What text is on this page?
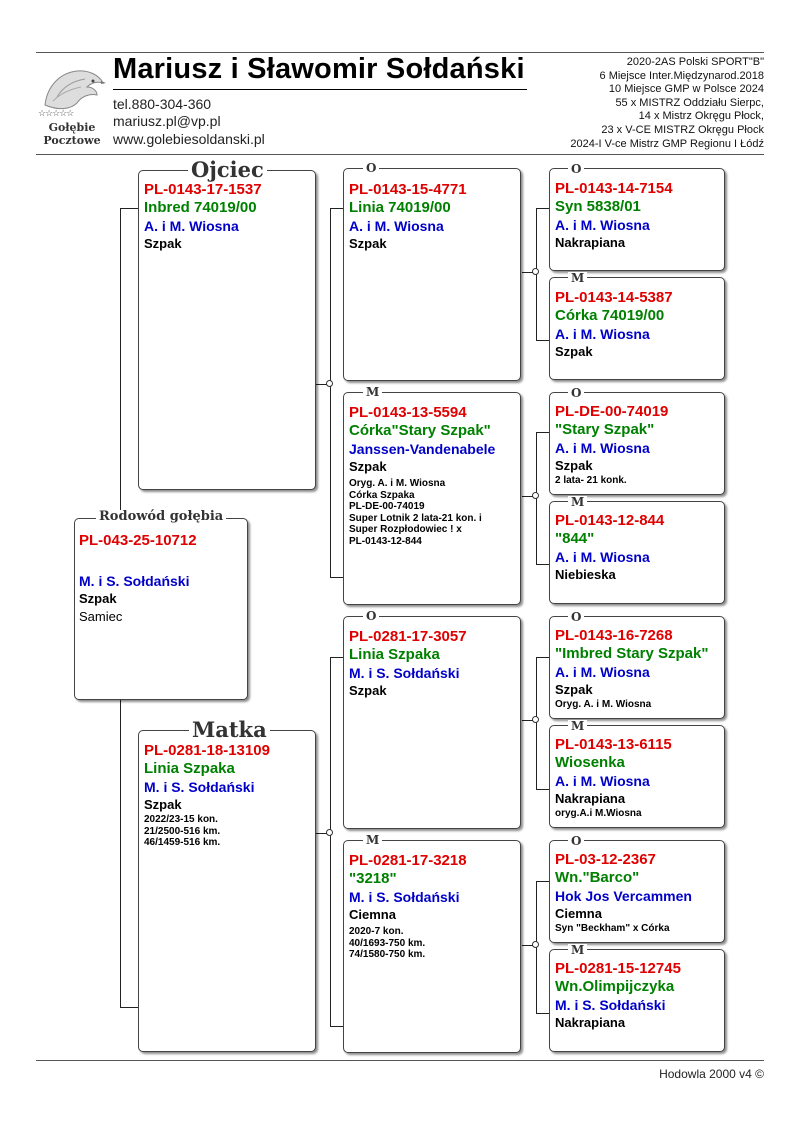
☆☆☆☆☆
Gołębie
Pocztowe
Mariusz i Sławomir Sołdański
tel.880-304-360
mariusz.pl@vp.pl
www.golebiesoldanski.pl
2020-2AS Polski SPORT"B"
6 Miejsce Inter.Międzynarod.2018
10 Miejsce GMP w Polsce 2024
55 x MISTRZ Oddziału Sierpc,
14 x Mistrz Okręgu Płock,
23 x V-CE MISTRZ Okręgu Płock
2024-I V-ce Mistrz GMP Regionu I Łódź
Rodowód gołębia
PL-043-25-10712
M. i S. Sołdański
Szpak
Samiec
Ojciec
PL-0143-17-1537
Inbred 74019/00
A. i M. Wiosna
Szpak
Matka
PL-0281-18-13109
Linia Szpaka
M. i S. Sołdański
Szpak
2022/23-15 kon.
21/2500-516 km.
46/1459-516 km.
O
PL-0143-15-4771
Linia 74019/00
A. i M. Wiosna
Szpak
M
PL-0143-13-5594
Córka"Stary Szpak"
Janssen-Vandenabele
Szpak
Oryg. A. i M. Wiosna
Córka Szpaka
PL-DE-00-74019
Super Lotnik 2 lata-21 kon. i
Super Rozpłodowiec ! x
PL-0143-12-844
O
PL-0281-17-3057
Linia Szpaka
M. i S. Sołdański
Szpak
M
PL-0281-17-3218
"3218"
M. i S. Sołdański
Ciemna
2020-7 kon.
40/1693-750 km.
74/1580-750 km.
O
PL-0143-14-7154
Syn 5838/01
A. i M. Wiosna
Nakrapiana
M
PL-0143-14-5387
Córka 74019/00
A. i M. Wiosna
Szpak
O
PL-DE-00-74019
"Stary Szpak"
A. i M. Wiosna
Szpak
2 lata- 21 konk.
M
PL-0143-12-844
"844"
A. i M. Wiosna
Niebieska
O
PL-0143-16-7268
"Imbred Stary Szpak"
A. i M. Wiosna
Szpak
Oryg. A. i M. Wiosna
M
PL-0143-13-6115
Wiosenka
A. i M. Wiosna
Nakrapiana
oryg.A.i M.Wiosna
O
PL-03-12-2367
Wn."Barco"
Hok Jos Vercammen
Ciemna
Syn "Beckham" x Córka
M
PL-0281-15-12745
Wn.Olimpijczyka
M. i S. Sołdański
Nakrapiana
Hodowla 2000 v4 ©
